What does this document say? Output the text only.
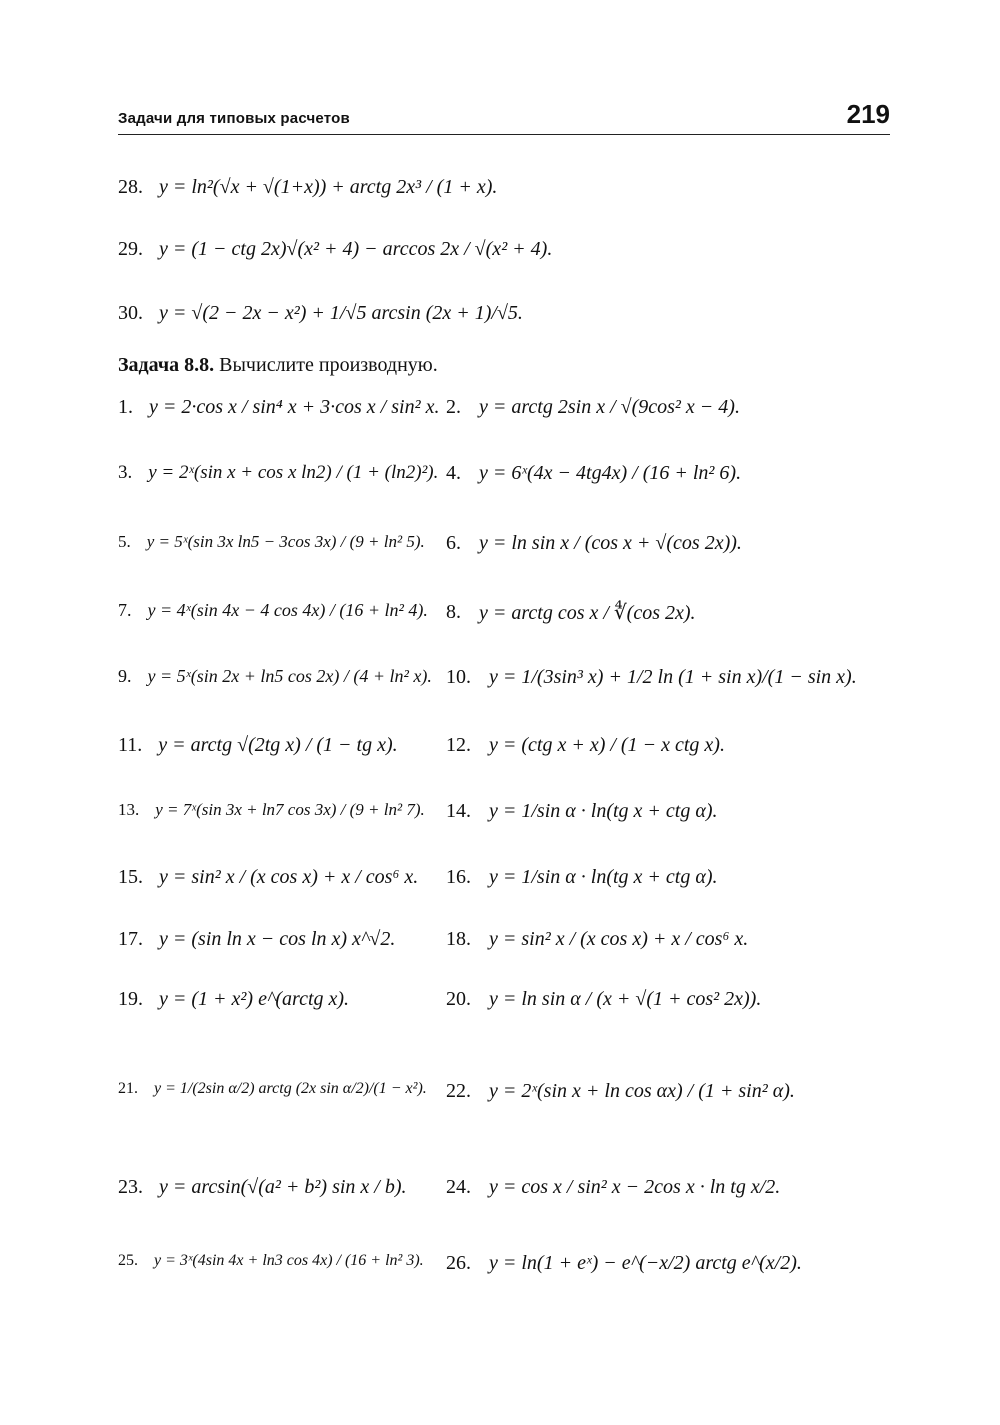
Задачи для типовых расчетов	219
28. y = ln²(√x + √(1+x)) + arctg 2x³ / (1 + x).
29. y = (1 − ctg 2x)√(x² + 4) − arccos 2x / √(x² + 4).
30. y = √(2 − 2x − x²) + 1/√5 arcsin (2x + 1)/√5.
Задача 8.8. Вычислите производную.
1. y = 2·cos x / sin⁴ x + 3·cos x / sin² x.
3. y = 2ˣ(sin x + cos x ln2) / (1 + (ln2)²).
5. y = 5ˣ(sin 3x ln5 − 3cos 3x) / (9 + ln² 5).
7. y = 4ˣ(sin 4x − 4 cos 4x) / (16 + ln² 4).
9. y = 5ˣ(sin 2x + ln5 cos 2x) / (4 + ln² x).
11. y = arctg √(2tg x) / (1 − tg x).
13. y = 7ˣ(sin 3x + ln7 cos 3x) / (9 + ln² 7).
15. y = sin² x / (x cos x) + x / cos⁶ x.
17. y = (sin ln x − cos ln x) x^√2.
19. y = (1 + x²) e^(arctg x).
21. y = 1/(2sin α/2) arctg (2x sin α/2)/(1 − x²).
23. y = arcsin(√(a² + b²) sin x / b).
25. y = 3ˣ(4sin 4x + ln3 cos 4x) / (16 + ln² 3).
2. y = arctg 2sin x / √(9cos² x − 4).
4. y = 6ˣ(4x − 4tg4x) / (16 + ln² 6).
6. y = ln sin x / (cos x + √(cos 2x)).
8. y = arctg cos x / ∜(cos 2x).
10. y = 1/(3sin³ x) + 1/2 ln (1 + sin x)/(1 − sin x).
12. y = (ctg x + x) / (1 − x ctg x).
14. y = 1/sin α · ln(tg x + ctg α).
16. y = 1/sin α · ln(tg x + ctg α).
18. y = sin² x / (x cos x) + x / cos⁶ x.
20. y = ln sin α / (x + √(1 + cos² 2x)).
22. y = 2ˣ(sin x + ln cos αx) / (1 + sin² α).
24. y = cos x / sin² x − 2cos x · ln tg x/2.
26. y = ln(1 + eˣ) − e^(−x/2) arctg e^(x/2).
